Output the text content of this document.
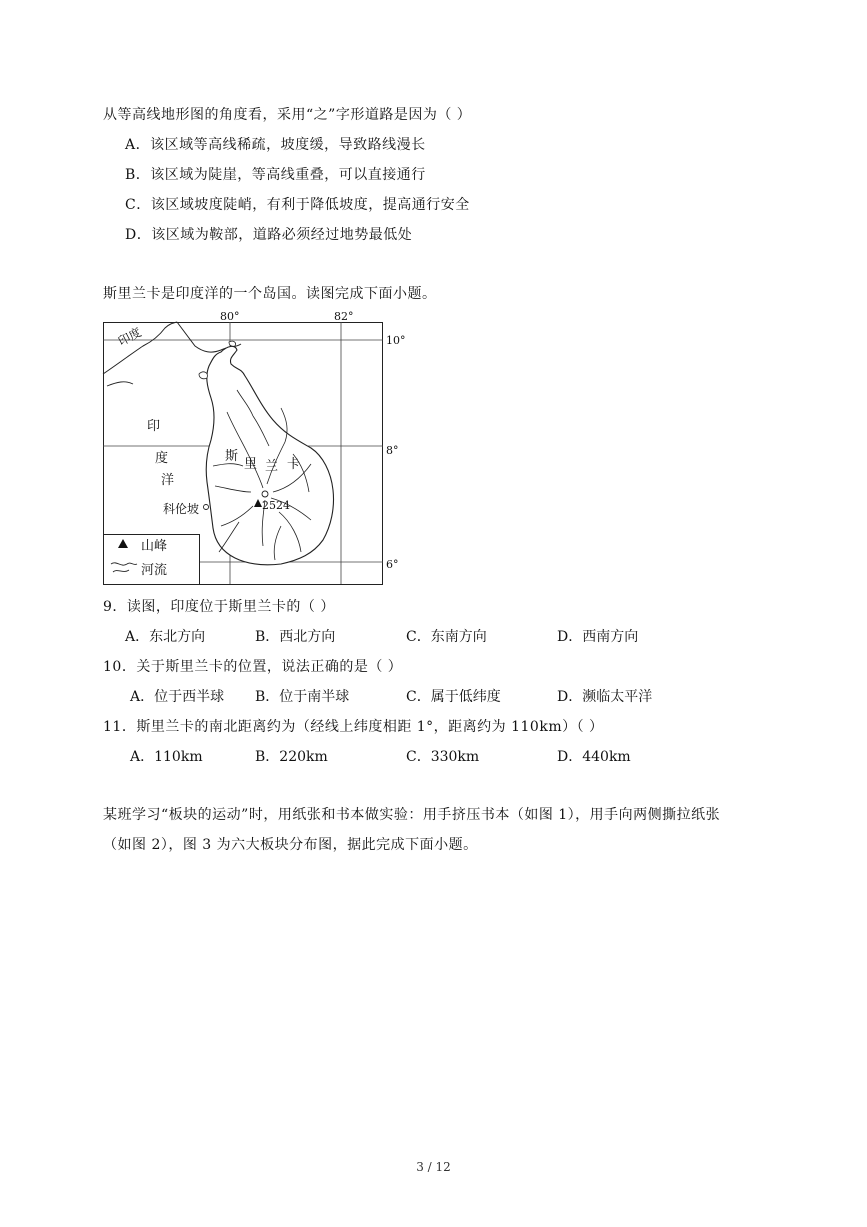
从等高线地形图的角度看，采用“之”字形道路是因为（ ）
A．该区域等高线稀疏，坡度缓，导致路线漫长
B．该区域为陡崖，等高线重叠，可以直接通行
C．该区域坡度陡峭，有利于降低坡度，提高通行安全
D．该区域为鞍部，道路必须经过地势最低处
斯里兰卡是印度洋的一个岛国。读图完成下面小题。
80°	82°
10°
8°
6°
印度
2524
科伦坡
印
度
洋
斯
里 兰 卡
山峰
河流
9．读图，印度位于斯里兰卡的（ ）
A．东北方向	B．西北方向	C．东南方向	D．西南方向
10．关于斯里兰卡的位置，说法正确的是（ ）
A．位于西半球 B．位于南半球	C．属于低纬度	D．濒临太平洋
11．斯里兰卡的南北距离约为（经线上纬度相距 1°，距离约为 110km）（ ）
A．110km	B．220km	C．330km	D．440km
某班学习“板块的运动”时，用纸张和书本做实验：用手挤压书本（如图 1），用手向两侧撕拉纸张
（如图 2），图 3 为六大板块分布图，据此完成下面小题。
3 / 12
